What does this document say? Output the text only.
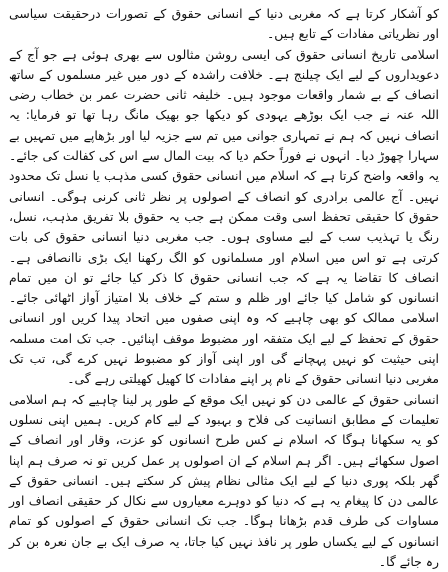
کو آشکار کرتا ہے کہ مغربی دنیا کے انسانی حقوق کے تصورات درحقیقت سیاسی اور نظریاتی مفادات کے تابع ہیں۔

اسلامی تاریخ انسانی حقوق کی ایسی روشن مثالوں سے بھری ہوئی ہے جو آج کے دعویداروں کے لیے ایک چیلنج ہے۔ خلافت راشدہ کے دور میں غیر مسلموں کے ساتھ انصاف کے بے شمار واقعات موجود ہیں۔ خلیفہ ثانی حضرت عمر بن خطاب رضی اللہ عنہ نے جب ایک بوڑھے یہودی کو دیکھا جو بھیک مانگ رہا تھا تو فرمایا: یہ انصاف نہیں کہ ہم نے تمہاری جوانی میں تم سے جزیہ لیا اور بڑھاپے میں تمہیں بے سہارا چھوڑ دیا۔ انہوں نے فوراً حکم دیا کہ بیت المال سے اس کی کفالت کی جائے۔ یہ واقعہ واضح کرتا ہے کہ اسلام میں انسانی حقوق کسی مذہب یا نسل تک محدود نہیں۔ آج عالمی برادری کو انصاف کے اصولوں پر نظر ثانی کرنی ہوگی۔ انسانی حقوق کا حقیقی تحفظ اسی وقت ممکن ہے جب یہ حقوق بلا تفریق مذہب، نسل، رنگ یا تہذیب سب کے لیے مساوی ہوں۔ جب مغربی دنیا انسانی حقوق کی بات کرتی ہے تو اس میں اسلام اور مسلمانوں کو الگ رکھنا ایک بڑی ناانصافی ہے۔ انصاف کا تقاضا یہ ہے کہ جب انسانی حقوق کا ذکر کیا جائے تو ان میں تمام انسانوں کو شامل کیا جائے اور ظلم و ستم کے خلاف بلا امتیاز آواز اٹھائی جائے۔ اسلامی ممالک کو بھی چاہیے کہ وہ اپنی صفوں میں اتحاد پیدا کریں اور انسانی حقوق کے تحفظ کے لیے ایک متفقہ اور مضبوط موقف اپنائیں۔ جب تک امت مسلمہ اپنی حیثیت کو نہیں پہچانے گی اور اپنی آواز کو مضبوط نہیں کرے گی، تب تک مغربی دنیا انسانی حقوق کے نام پر اپنے مفادات کا کھیل کھیلتی رہے گی۔

انسانی حقوق کے عالمی دن کو نہیں ایک موقع کے طور پر لینا چاہیے کہ ہم اسلامی تعلیمات کے مطابق انسانیت کی فلاح و بہبود کے لیے کام کریں۔ ہمیں اپنی نسلوں کو یہ سکھانا ہوگا کہ اسلام نے کس طرح انسانوں کو عزت، وقار اور انصاف کے اصول سکھائے ہیں۔ اگر ہم اسلام کے ان اصولوں پر عمل کریں تو نہ صرف ہم اپنا گھر بلکہ پوری دنیا کے لیے ایک مثالی نظام پیش کر سکتے ہیں۔ انسانی حقوق کے عالمی دن کا پیغام یہ ہے کہ دنیا کو دوہرے معیاروں سے نکال کر حقیقی انصاف اور مساوات کی طرف قدم بڑھانا ہوگا۔ جب تک انسانی حقوق کے اصولوں کو تمام انسانوں کے لیے یکساں طور پر نافذ نہیں کیا جاتا، یہ صرف ایک بے جان نعرہ بن کر رہ جائے گا۔
